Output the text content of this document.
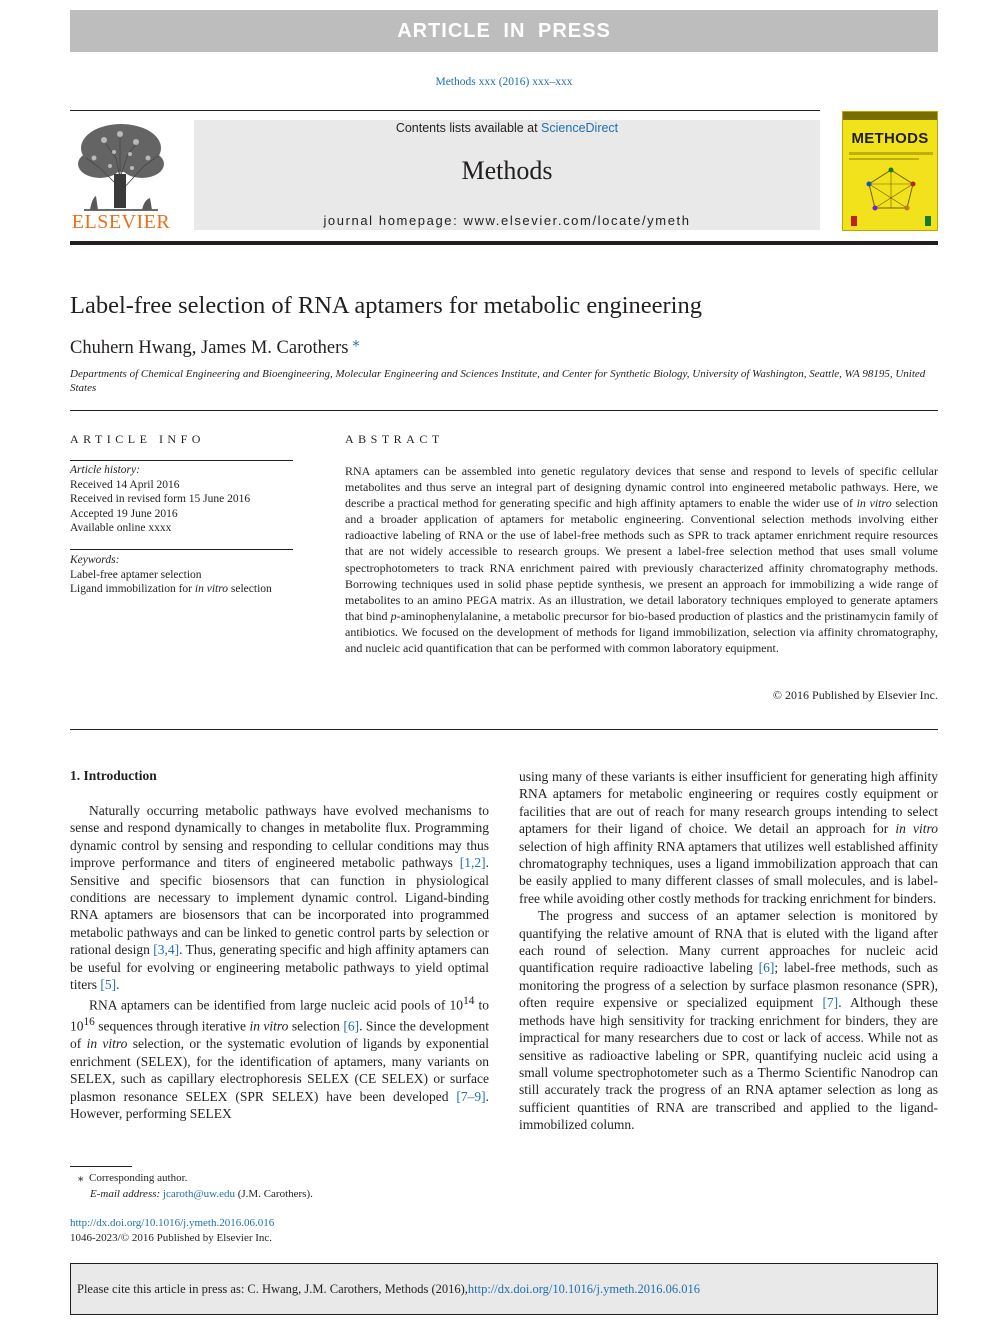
ARTICLE IN PRESS
Methods xxx (2016) xxx–xxx
ELSEVIER
Contents lists available at ScienceDirect
Methods
journal homepage: www.elsevier.com/locate/ymeth
METHODS
Label-free selection of RNA aptamers for metabolic engineering
Chuhern Hwang, James M. Carothers ⁎
Departments of Chemical Engineering and Bioengineering, Molecular Engineering and Sciences Institute, and Center for Synthetic Biology, University of Washington, Seattle, WA 98195, United States
ARTICLE INFO
Article history:
Received 14 April 2016
Received in revised form 15 June 2016
Accepted 19 June 2016
Available online xxxx
Keywords:
Label-free aptamer selection
Ligand immobilization for in vitro selection
ABSTRACT
RNA aptamers can be assembled into genetic regulatory devices that sense and respond to levels of specific cellular metabolites and thus serve an integral part of designing dynamic control into engineered metabolic pathways. Here, we describe a practical method for generating specific and high affinity aptamers to enable the wider use of in vitro selection and a broader application of aptamers for metabolic engineering. Conventional selection methods involving either radioactive labeling of RNA or the use of label-free methods such as SPR to track aptamer enrichment require resources that are not widely accessible to research groups. We present a label-free selection method that uses small volume spectrophotometers to track RNA enrichment paired with previously characterized affinity chromatography methods. Borrowing techniques used in solid phase peptide synthesis, we present an approach for immobilizing a wide range of metabolites to an amino PEGA matrix. As an illustration, we detail laboratory techniques employed to generate aptamers that bind p-aminophenylalanine, a metabolic precursor for bio-based production of plastics and the pristinamycin family of antibiotics. We focused on the development of methods for ligand immobilization, selection via affinity chromatography, and nucleic acid quantification that can be performed with common laboratory equipment.
© 2016 Published by Elsevier Inc.
1. Introduction

Naturally occurring metabolic pathways have evolved mechanisms to sense and respond dynamically to changes in metabolite flux. Programming dynamic control by sensing and responding to cellular conditions may thus improve performance and titers of engineered metabolic pathways [1,2]. Sensitive and specific biosensors that can function in physiological conditions are necessary to implement dynamic control. Ligand-binding RNA aptamers are biosensors that can be incorporated into programmed metabolic pathways and can be linked to genetic control parts by selection or rational design [3,4]. Thus, generating specific and high affinity aptamers can be useful for evolving or engineering metabolic pathways to yield optimal titers [5].

RNA aptamers can be identified from large nucleic acid pools of $10^{14}$ to $10^{16}$ sequences through iterative in vitro selection [6]. Since the development of in vitro selection, or the systematic evolution of ligands by exponential enrichment (SELEX), for the identification of aptamers, many variants on SELEX, such as capillary electrophoresis SELEX (CE SELEX) or surface plasmon resonance SELEX (SPR SELEX) have been developed [7–9]. However, performing SELEX

using many of these variants is either insufficient for generating high affinity RNA aptamers for metabolic engineering or requires costly equipment or facilities that are out of reach for many research groups intending to select aptamers for their ligand of choice. We detail an approach for in vitro selection of high affinity RNA aptamers that utilizes well established affinity chromatography techniques, uses a ligand immobilization approach that can be easily applied to many different classes of small molecules, and is label-free while avoiding other costly methods for tracking enrichment for binders.

The progress and success of an aptamer selection is monitored by quantifying the relative amount of RNA that is eluted with the ligand after each round of selection. Many current approaches for nucleic acid quantification require radioactive labeling [6]; label-free methods, such as monitoring the progress of a selection by surface plasmon resonance (SPR), often require expensive or specialized equipment [7]. Although these methods have high sensitivity for tracking enrichment for binders, they are impractical for many researchers due to cost or lack of access. While not as sensitive as radioactive labeling or SPR, quantifying nucleic acid using a small volume spectrophotometer such as a Thermo Scientific Nanodrop can still accurately track the progress of an RNA aptamer selection as long as sufficient quantities of RNA are transcribed and applied to the ligand-immobilized column.

⁎ Corresponding author.
E-mail address: jcaroth@uw.edu (J.M. Carothers).
http://dx.doi.org/10.1016/j.ymeth.2016.06.016
1046-2023/© 2016 Published by Elsevier Inc.
Please cite this article in press as: C. Hwang, J.M. Carothers, Methods (2016), http://dx.doi.org/10.1016/j.ymeth.2016.06.016
